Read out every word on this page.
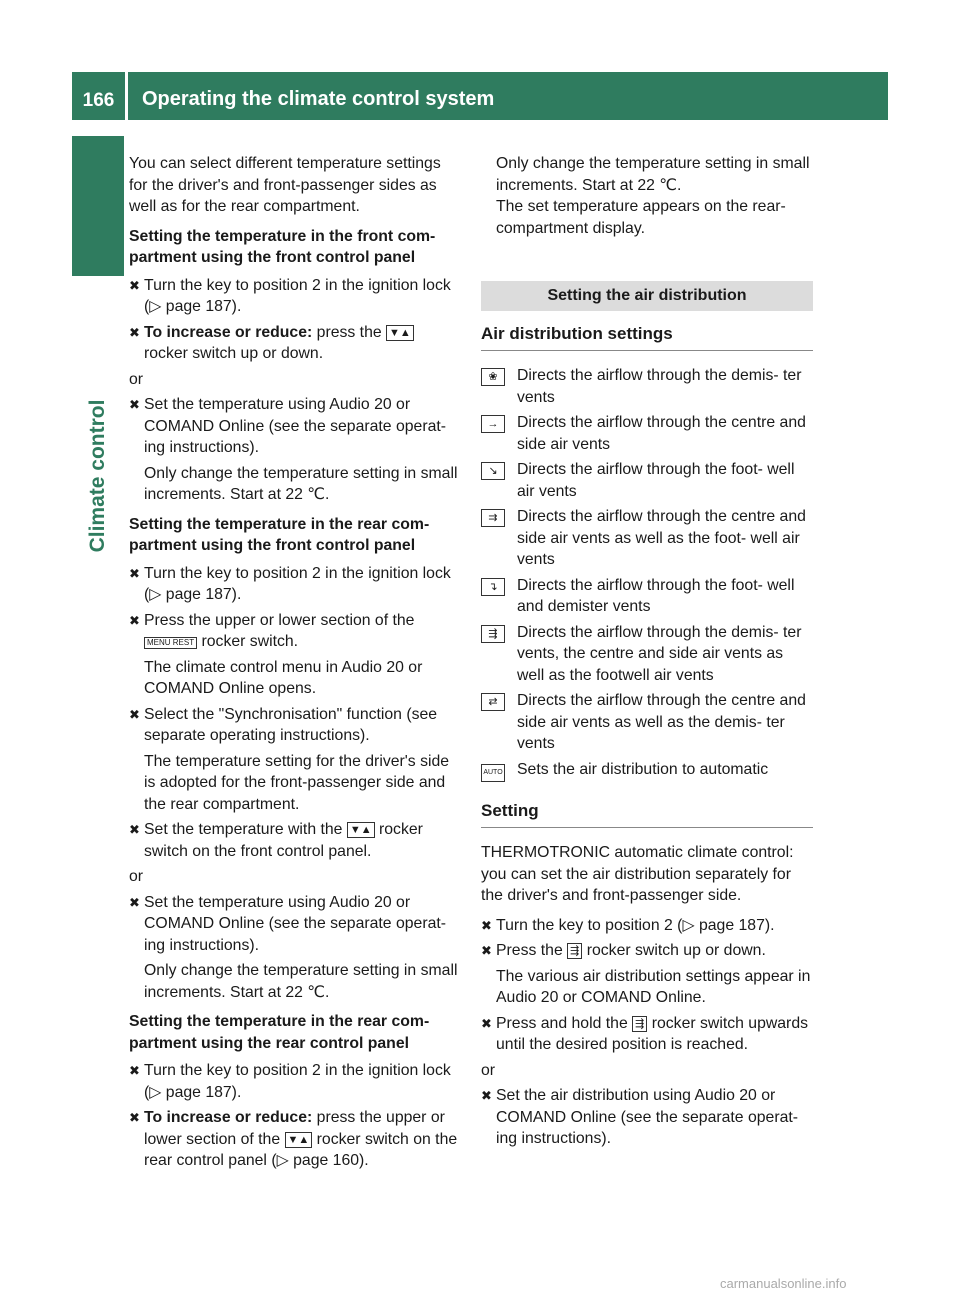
166	Operating the climate control system
Climate control

You can select different temperature settings for the driver's and front-passenger sides as well as for the rear compartment.

Setting the temperature in the front com- partment using the front control panel

✖ Turn the key to position 2 in the ignition lock (▷ page 187).
✖ To increase or reduce: press the ▼▲ rocker switch up or down.
or
✖ Set the temperature using Audio 20 or COMAND Online (see the separate operat- ing instructions).
Only change the temperature setting in small increments. Start at 22 ℃.

Setting the temperature in the rear com- partment using the front control panel

✖ Turn the key to position 2 in the ignition lock (▷ page 187).
✖ Press the upper or lower section of the MENU REST rocker switch.
The climate control menu in Audio 20 or COMAND Online opens.
✖ Select the "Synchronisation" function (see separate operating instructions).
The temperature setting for the driver's side is adopted for the front-passenger side and the rear compartment.
✖ Set the temperature with the ▼▲ rocker switch on the front control panel.
or
✖ Set the temperature using Audio 20 or COMAND Online (see the separate operat- ing instructions).
Only change the temperature setting in small increments. Start at 22 ℃.

Setting the temperature in the rear com- partment using the rear control panel

✖ Turn the key to position 2 in the ignition lock (▷ page 187).
✖ To increase or reduce: press the upper or lower section of the ▼▲ rocker switch on the rear control panel (▷ page 160).
Only change the temperature setting in small increments. Start at 22 ℃.
The set temperature appears on the rear- compartment display.
Setting the air distribution
Air distribution settings
❀	Directs the airflow through the demis- ter vents
→	Directs the airflow through the centre and side air vents
↘	Directs the airflow through the foot- well air vents
⇉	Directs the airflow through the centre and side air vents as well as the foot- well air vents
↴	Directs the airflow through the foot- well and demister vents
⇶	Directs the airflow through the demis- ter vents, the centre and side air vents as well as the footwell air vents
⇄	Directs the airflow through the centre and side air vents as well as the demis- ter vents
AUTO Sets the air distribution to automatic
Setting

THERMOTRONIC automatic climate control: you can set the air distribution separately for the driver's and front-passenger side.

✖ Turn the key to position 2 (▷ page 187).
✖ Press the ⇶ rocker switch up or down.
The various air distribution settings appear in Audio 20 or COMAND Online.
✖ Press and hold the ⇶ rocker switch upwards until the desired position is reached.
or
✖ Set the air distribution using Audio 20 or COMAND Online (see the separate operat- ing instructions).
carmanualsonline.info
